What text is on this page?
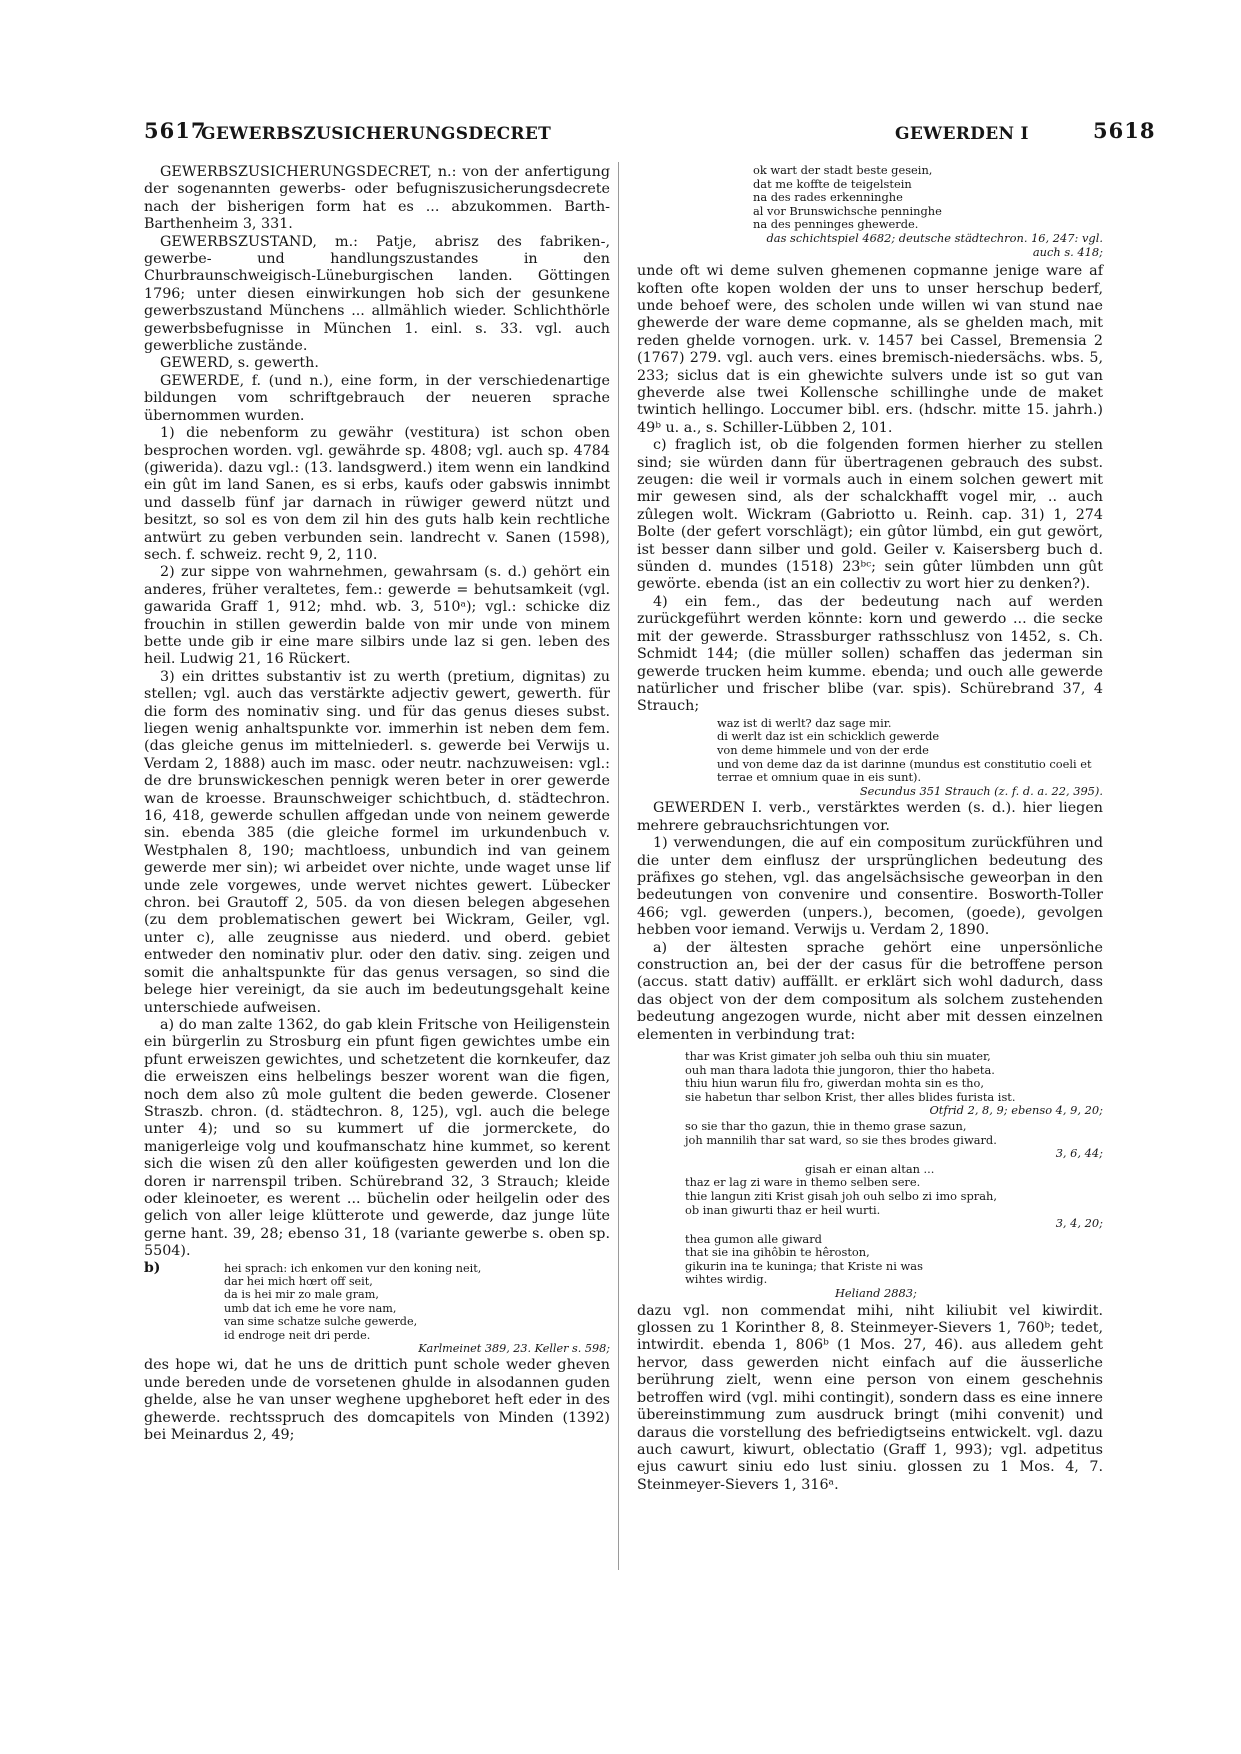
5617
GEWERBSZUSICHERUNGSDECRET	GEWERDEN I	5618

GEWERBSZUSICHERUNGSDECRET, n.: von der anfertigung der sogenannten gewerbs- oder befugniszusicherungsdecrete nach der bisherigen form hat es ... abzukommen. Barth-Barthenheim 3, 331.

GEWERBSZUSTAND, m.: Patje, abrisz des fabriken-, gewerbe- und handlungszustandes in den Churbraunschweigisch-Lüneburgischen landen. Göttingen 1796; unter diesen einwirkungen hob sich der gesunkene gewerbszustand Münchens ... allmählich wieder. Schlichthörle gewerbsbefugnisse in München 1. einl. s. 33. vgl. auch gewerbliche zustände.

GEWERD, s. gewerth.

GEWERDE, f. (und n.), eine form, in der verschiedenartige bildungen vom schriftgebrauch der neueren sprache übernommen wurden.

1) die nebenform zu gewähr (vestitura) ist schon oben besprochen worden. vgl. gewährde sp. 4808; vgl. auch sp. 4784 (giwerida). dazu vgl.: (13. landsgwerd.) item wenn ein landkind ein gût im land Sanen, es si erbs, kaufs oder gabswis innimbt und dasselb fünf jar darnach in rüwiger gewerd nützt und besitzt, so sol es von dem zil hin des guts halb kein rechtliche antwürt zu geben verbunden sein. landrecht v. Sanen (1598), sech. f. schweiz. recht 9, 2, 110.

2) zur sippe von wahrnehmen, gewahrsam (s. d.) gehört ein anderes, früher veraltetes, fem.: gewerde = behutsamkeit (vgl. gawarida Graff 1, 912; mhd. wb. 3, 510ᵃ); vgl.: schicke diz frouchin in stillen gewerdin balde von mir unde von minem bette unde gib ir eine mare silbirs unde laz si gen. leben des heil. Ludwig 21, 16 Rückert.

3) ein drittes substantiv ist zu werth (pretium, dignitas) zu stellen; vgl. auch das verstärkte adjectiv gewert, gewerth. für die form des nominativ sing. und für das genus dieses subst. liegen wenig anhaltspunkte vor. immerhin ist neben dem fem. (das gleiche genus im mittelniederl. s. gewerde bei Verwijs u. Verdam 2, 1888) auch im masc. oder neutr. nachzuweisen: vgl.: de dre brunswickeschen pennigk weren beter in orer gewerde wan de kroesse. Braunschweiger schichtbuch, d. städtechron. 16, 418, gewerde schullen affgedan unde von neinem gewerde sin. ebenda 385 (die gleiche formel im urkundenbuch v. Westphalen 8, 190; machtloess, unbundich ind van geinem gewerde mer sin); wi arbeidet over nichte, unde waget unse lif unde zele vorgewes, unde wervet nichtes gewert. Lübecker chron. bei Grautoff 2, 505. da von diesen belegen abgesehen (zu dem problematischen gewert bei Wickram, Geiler, vgl. unter c), alle zeugnisse aus niederd. und oberd. gebiet entweder den nominativ plur. oder den dativ. sing. zeigen und somit die anhaltspunkte für das genus versagen, so sind die belege hier vereinigt, da sie auch im bedeutungsgehalt keine unterschiede aufweisen.

a) do man zalte 1362, do gab klein Fritsche von Heiligenstein ein bürgerlin zu Strosburg ein pfunt figen gewichtes umbe ein pfunt erweiszen gewichtes, und schetzetent die kornkeufer, daz die erweiszen eins helbelings beszer worent wan die figen, noch dem also zû mole gultent die beden gewerde. Closener Straszb. chron. (d. städtechron. 8, 125), vgl. auch die belege unter 4); und so su kummert uf die jormerckete, do manigerleige volg und koufmanschatz hine kummet, so kerent sich die wisen zû den aller koüfigesten gewerden und lon die doren ir narrenspil triben. Schürebrand 32, 3 Strauch; kleide oder kleinoeter, es werent ... büchelin oder heilgelin oder des gelich von aller leige klütterote und gewerde, daz junge lüte gerne hant. 39, 28; ebenso 31, 18 (variante gewerbe s. oben sp. 5504).

b)	hei sprach: ich enkomen vur den koning neit,
dar hei mich hœrt off seit,
da is hei mir zo male gram,
umb dat ich eme he vore nam,
van sime schatze sulche gewerde,
id endroge neit dri perde.
Karlmeinet 389, 23. Keller s. 598;

des hope wi, dat he uns de drittich punt schole weder gheven unde bereden unde de vorsetenen ghulde in alsodannen guden ghelde, alse he van unser weghene upgheboret heft eder in des ghewerde. rechtsspruch des domcapitels von Minden (1392) bei Meinardus 2, 49;

ok wart der stadt beste gesein,
dat me koffte de teigelstein
na des rades erkenninghe
al vor Brunswichsche penninghe
na des penninges ghewerde.
das schichtspiel 4682; deutsche städtechron. 16, 247: vgl. auch s. 418;

unde oft wi deme sulven ghemenen copmanne jenige ware af koften ofte kopen wolden der uns to unser herschup bederf, unde behoef were, des scholen unde willen wi van stund nae ghewerde der ware deme copmanne, als se ghelden mach, mit reden ghelde vornogen. urk. v. 1457 bei Cassel, Bremensia 2 (1767) 279. vgl. auch vers. eines bremisch-niedersächs. wbs. 5, 233; siclus dat is ein ghewichte sulvers unde ist so gut van gheverde alse twei Kollensche schillinghe unde de maket twintich hellingo. Loccumer bibl. ers. (hdschr. mitte 15. jahrh.) 49ᵇ u. a., s. Schiller-Lübben 2, 101.

c) fraglich ist, ob die folgenden formen hierher zu stellen sind; sie würden dann für übertragenen gebrauch des subst. zeugen: die weil ir vormals auch in einem solchen gewert mit mir gewesen sind, als der schalckhafft vogel mir, .. auch zûlegen wolt. Wickram (Gabriotto u. Reinh. cap. 31) 1, 274 Bolte (der gefert vorschlägt); ein gûtor lümbd, ein gut gewört, ist besser dann silber und gold. Geiler v. Kaisersberg buch d. sünden d. mundes (1518) 23ᵇᶜ; sein gûter lümbden unn gût gewörte. ebenda (ist an ein collectiv zu wort hier zu denken?).

4) ein fem., das der bedeutung nach auf werden zurückgeführt werden könnte: korn und gewerdo ... die secke mit der gewerde. Strassburger rathsschlusz von 1452, s. Ch. Schmidt 144; (die müller sollen) schaffen das jederman sin gewerde trucken heim kumme. ebenda; und ouch alle gewerde natürlicher und frischer blibe (var. spis). Schürebrand 37, 4 Strauch;

waz ist di werlt? daz sage mir.
di werlt daz ist ein schicklich gewerde
von deme himmele und von der erde
und von deme daz da ist darinne (mundus est constitutio coeli et terrae et omnium quae in eis sunt).
Secundus 351 Strauch (z. f. d. a. 22, 395).

GEWERDEN I. verb., verstärktes werden (s. d.). hier liegen mehrere gebrauchsrichtungen vor.

1) verwendungen, die auf ein compositum zurückführen und die unter dem einflusz der ursprünglichen bedeutung des präfixes go stehen, vgl. das angelsächsische geweorþan in den bedeutungen von convenire und consentire. Bosworth-Toller 466; vgl. gewerden (unpers.), becomen, (goede), gevolgen hebben voor iemand. Verwijs u. Verdam 2, 1890.

a) der ältesten sprache gehört eine unpersönliche construction an, bei der der casus für die betroffene person (accus. statt dativ) auffällt. er erklärt sich wohl dadurch, dass das object von der dem compositum als solchem zustehenden bedeutung angezogen wurde, nicht aber mit dessen einzelnen elementen in verbindung trat:

thar was Krist gimater joh selba ouh thiu sin muater,
ouh man thara ladota thie jungoron, thier tho habeta.
thiu hiun warun filu fro, giwerdan mohta sin es tho,
sie habetun thar selbon Krist, ther alles blides furista ist.
Otfrid 2, 8, 9; ebenso 4, 9, 20;
so sie thar tho gazun, thie in themo grase sazun,
joh mannilih thar sat ward, so sie thes brodes giward.
3, 6, 44;
gisah er einan altan ...
thaz er lag zi ware in themo selben sere.
thie langun ziti Krist gisah joh ouh selbo zi imo sprah,
ob inan giwurti thaz er heil wurti.
3, 4, 20;
thea gumon alle giward
that sie ina gihôbin te hêroston,
gikurin ina te kuninga; that Kriste ni was
wihtes wirdig.
Heliand 2883;

dazu vgl. non commendat mihi, niht kiliubit vel kiwirdit. glossen zu 1 Korinther 8, 8. Steinmeyer-Sievers 1, 760ᵇ; tedet, intwirdit. ebenda 1, 806ᵇ (1 Mos. 27, 46). aus alledem geht hervor, dass gewerden nicht einfach auf die äusserliche berührung zielt, wenn eine person von einem geschehnis betroffen wird (vgl. mihi contingit), sondern dass es eine innere übereinstimmung zum ausdruck bringt (mihi convenit) und daraus die vorstellung des befriedigtseins entwickelt. vgl. dazu auch cawurt, kiwurt, oblectatio (Graff 1, 993); vgl. adpetitus ejus cawurt siniu edo lust siniu. glossen zu 1 Mos. 4, 7. Steinmeyer-Sievers 1, 316ᵃ.
